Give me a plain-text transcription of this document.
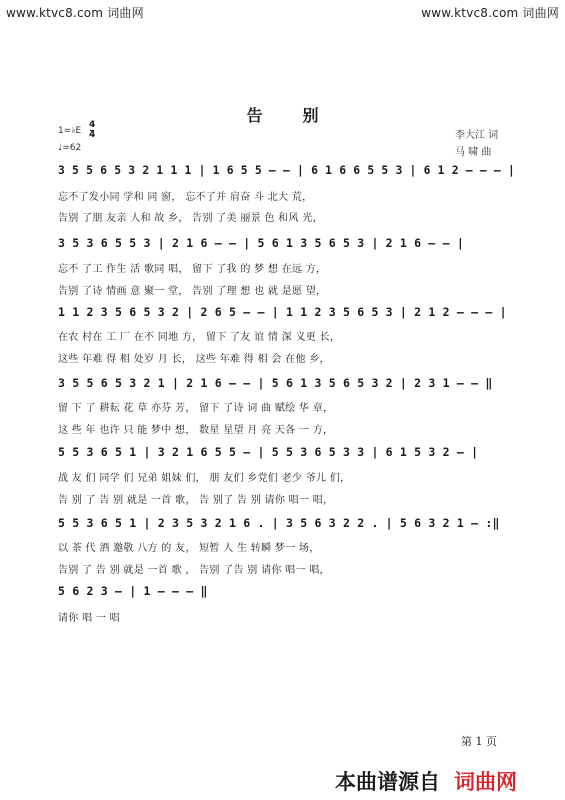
www.ktvc8.com 词曲网	www.ktvc8.com 词曲网
告别
1=♭E
4
4
♩=62
李大江 词
马 啸 曲
3 5 5 6 5 3 2 1 1 1 | 1 6 5 5 – – | 6 1 6 6 5 5 3 | 6 1 2 – – – |
忘不了发小同 学和 同 窗， 忘不了并 肩奋 斗 北大 荒，
告别 了朋 友亲 人和 故 乡， 告别 了美 丽景 色 和风 光，
3 5 3 6 5 5 3 | 2 1 6 – – | 5 6 1 3 5 6 5 3 | 2 1 6 – – |
忘不 了工 作生 活 歌同 唱， 留下 了我 的 梦 想 在远 方，
告别 了诗 情画 意 聚一 堂， 告别 了理 想 也 就 是愿 望，
1 1 2 3 5 6 5 3 2 | 2 6 5 – – | 1 1 2 3 5 6 5 3 | 2 1 2 – – – |
在农 村在 工 厂 在不 同地 方， 留下 了友 谊 情 深 义更 长，
这些 年难 得 相 处岁 月 长， 这些 年难 得 相 会 在他 乡，
3 5 5 6 5 3 2 1 | 2 1 6 – – | 5 6 1 3 5 6 5 3 2 | 2 3 1 – – ‖
留 下 了 耕耘 花 草 亦芬 芳， 留下 了诗 词 曲 赋绘 华 章，
这 些 年 也许 只 能 梦中 想， 数星 星望 月 亮 天各 一 方，
5 5 3 6 5 1 | 3 2 1 6 5 5 – | 5 5 3 6 5 3 3 | 6 1 5 3 2 – |
战 友 们 同学 们 兄弟 姐妹 们， 朋 友们 乡党们 老少 爷儿 们，
告 别 了 告 别 就是 一首 歌， 告 别了 告 别 请你 唱一 唱，
5 5 3 6 5 1 | 2 3 5 3 2 1 6 . | 3 5 6 3 2 2 . | 5 6 3 2 1 – :‖
以 茶 代 酒 邀敬 八方 的 友， 短暂 人 生 转瞬 梦一 场，
告别 了 告 别 就是 一首 歌 ， 告别 了告 别 请你 唱一 唱，
5 6 2 3 – | 1 – – – ‖
请你 唱 一 唱
第 1 页
本曲谱源自 词曲网
